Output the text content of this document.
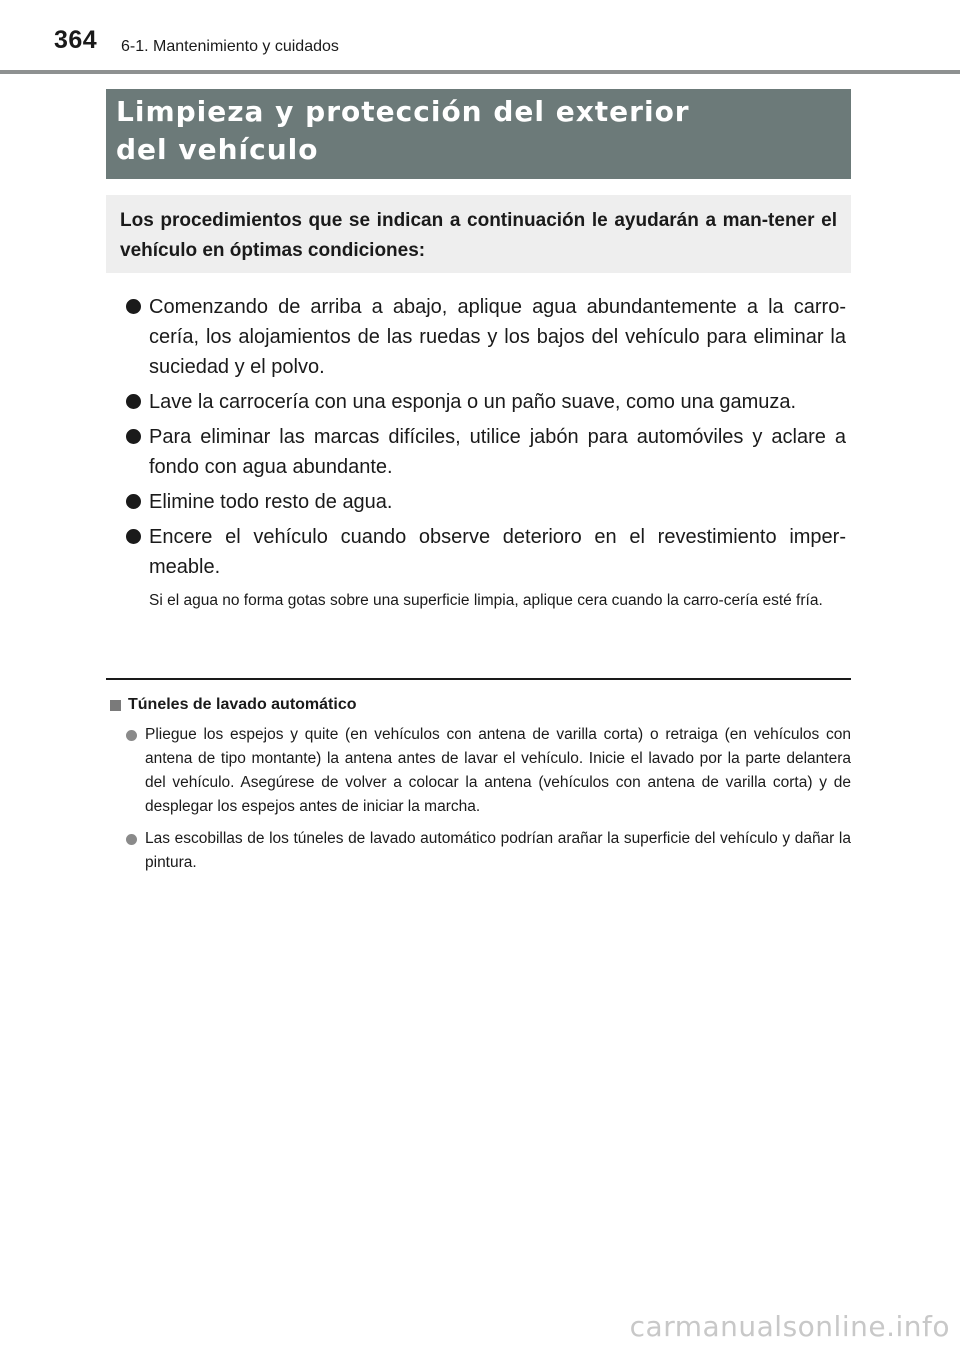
364 6-1. Mantenimiento y cuidados
Limpieza y protección del exterior
del vehículo
Los procedimientos que se indican a continuación le ayudarán a man-tener el vehículo en óptimas condiciones:
Comenzando de arriba a abajo, aplique agua abundantemente a la carro-cería, los alojamientos de las ruedas y los bajos del vehículo para eliminar la suciedad y el polvo.
Lave la carrocería con una esponja o un paño suave, como una gamuza.
Para eliminar las marcas difíciles, utilice jabón para automóviles y aclare a fondo con agua abundante.
Elimine todo resto de agua.
Encere el vehículo cuando observe deterioro en el revestimiento imper-meable.
Si el agua no forma gotas sobre una superficie limpia, aplique cera cuando la carro-cería esté fría.
Túneles de lavado automático
Pliegue los espejos y quite (en vehículos con antena de varilla corta) o retraiga (en vehículos con antena de tipo montante) la antena antes de lavar el vehículo. Inicie el lavado por la parte delantera del vehículo. Asegúrese de volver a colocar la antena (vehículos con antena de varilla corta) y de desplegar los espejos antes de iniciar la marcha.
Las escobillas de los túneles de lavado automático podrían arañar la superficie del vehículo y dañar la pintura.
carmanualsonline.info
